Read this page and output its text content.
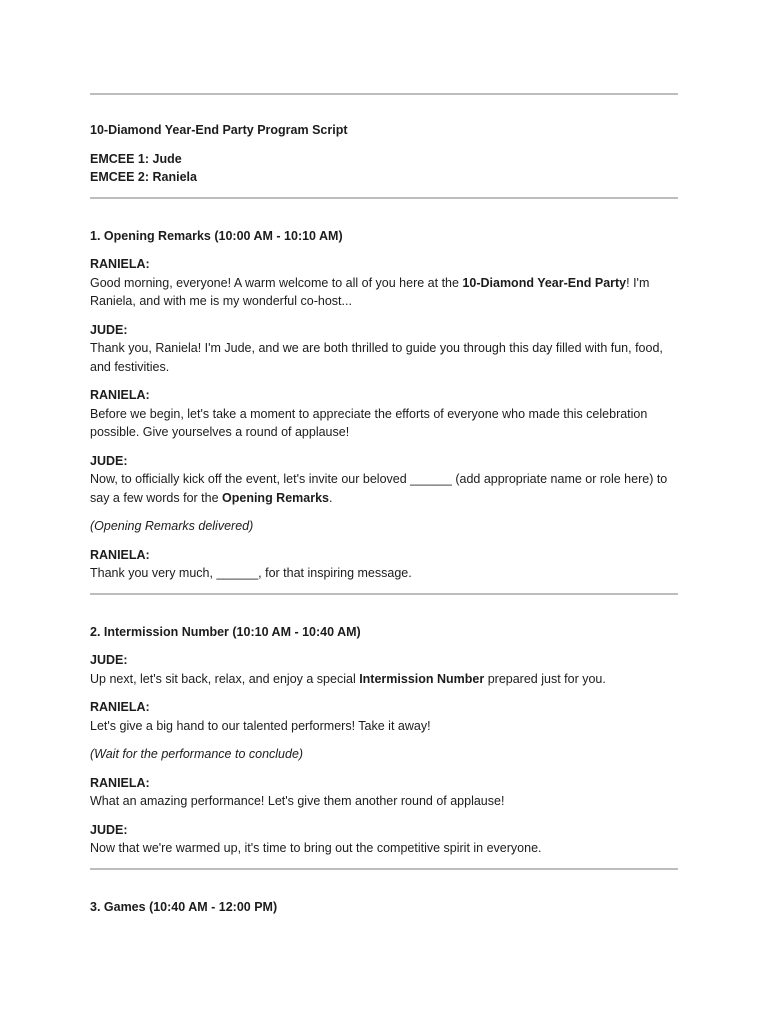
10-Diamond Year-End Party Program Script

EMCEE 1: Jude

EMCEE 2: Raniela

1. Opening Remarks (10:00 AM - 10:10 AM)

RANIELA:
Good morning, everyone! A warm welcome to all of you here at the 10-Diamond Year-End Party! I'm Raniela, and with me is my wonderful co-host...
JUDE:
Thank you, Raniela! I'm Jude, and we are both thrilled to guide you through this day filled with fun, food, and festivities.
RANIELA:
Before we begin, let's take a moment to appreciate the efforts of everyone who made this celebration possible. Give yourselves a round of applause!
JUDE:
Now, to officially kick off the event, let's invite our beloved ______ (add appropriate name or role here) to say a few words for the Opening Remarks.
(Opening Remarks delivered)
RANIELA:
Thank you very much, ______, for that inspiring message.

2. Intermission Number (10:10 AM - 10:40 AM)

JUDE:
Up next, let's sit back, relax, and enjoy a special Intermission Number prepared just for you.
RANIELA:
Let's give a big hand to our talented performers! Take it away!
(Wait for the performance to conclude)
RANIELA:
What an amazing performance! Let's give them another round of applause!
JUDE:
Now that we're warmed up, it's time to bring out the competitive spirit in everyone.

3. Games (10:40 AM - 12:00 PM)
